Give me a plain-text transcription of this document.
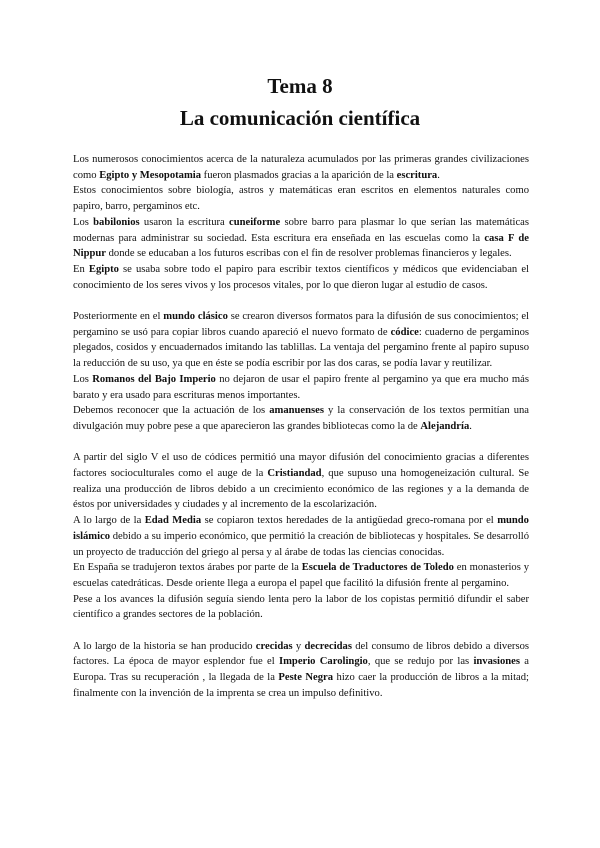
Tema 8
La comunicación científica

Los numerosos conocimientos acerca de la naturaleza acumulados por las primeras grandes civilizaciones como Egipto y Mesopotamia fueron plasmados gracias a la aparición de la escritura.

Estos conocimientos sobre biología, astros y matemáticas eran escritos en elementos naturales como papiro, barro, pergaminos etc.

Los babilonios usaron la escritura cuneiforme sobre barro para plasmar lo que serían las matemáticas modernas para administrar su sociedad. Esta escritura era enseñada en las escuelas como la casa F de Nippur donde se educaban a los futuros escribas con el fin de resolver problemas financieros y legales.

En Egipto se usaba sobre todo el papiro para escribir textos científicos y médicos que evidenciaban el conocimiento de los seres vivos y los procesos vitales, por lo que dieron lugar al estudio de casos.

Posteriormente en el mundo clásico se crearon diversos formatos para la difusión de sus conocimientos; el pergamino se usó para copiar libros cuando apareció el nuevo formato de códice: cuaderno de pergaminos plegados, cosidos y encuadernados imitando las tablillas. La ventaja del pergamino frente al papiro supuso la reducción de su uso, ya que en éste se podía escribir por las dos caras, se podía lavar y reutilizar.

Los Romanos del Bajo Imperio no dejaron de usar el papiro frente al pergamino ya que era mucho más barato y era usado para escrituras menos importantes.

Debemos reconocer que la actuación de los amanuenses y la conservación de los textos permitían una divulgación muy pobre pese a que aparecieron las grandes bibliotecas como la de Alejandría.

A partir del siglo V el uso de códices permitió una mayor difusión del conocimiento gracias a diferentes factores socioculturales como el auge de la Cristiandad, que supuso una homogeneización cultural. Se realiza una producción de libros debido a un crecimiento económico de las regiones y a la demanda de éstos por universidades y ciudades y al incremento de la escolarización.

A lo largo de la Edad Media se copiaron textos heredades de la antigüedad greco-romana por el mundo islámico debido a su imperio económico, que permitió la creación de bibliotecas y hospitales. Se desarrolló un proyecto de traducción del griego al persa y al árabe de todas las ciencias conocidas.

En España se tradujeron textos árabes por parte de la Escuela de Traductores de Toledo en monasterios y escuelas catedráticas. Desde oriente llega a europa el papel que facilitó la difusión frente al pergamino.

Pese a los avances la difusión seguía siendo lenta pero la labor de los copistas permitió difundir el saber científico a grandes sectores de la población.

A lo largo de la historia se han producido crecidas y decrecidas del consumo de libros debido a diversos factores. La época de mayor esplendor fue el Imperio Carolingio, que se redujo por las invasiones a Europa. Tras su recuperación , la llegada de la Peste Negra hizo caer la producción de libros a la mitad; finalmente con la invención de la imprenta se crea un impulso definitivo.
